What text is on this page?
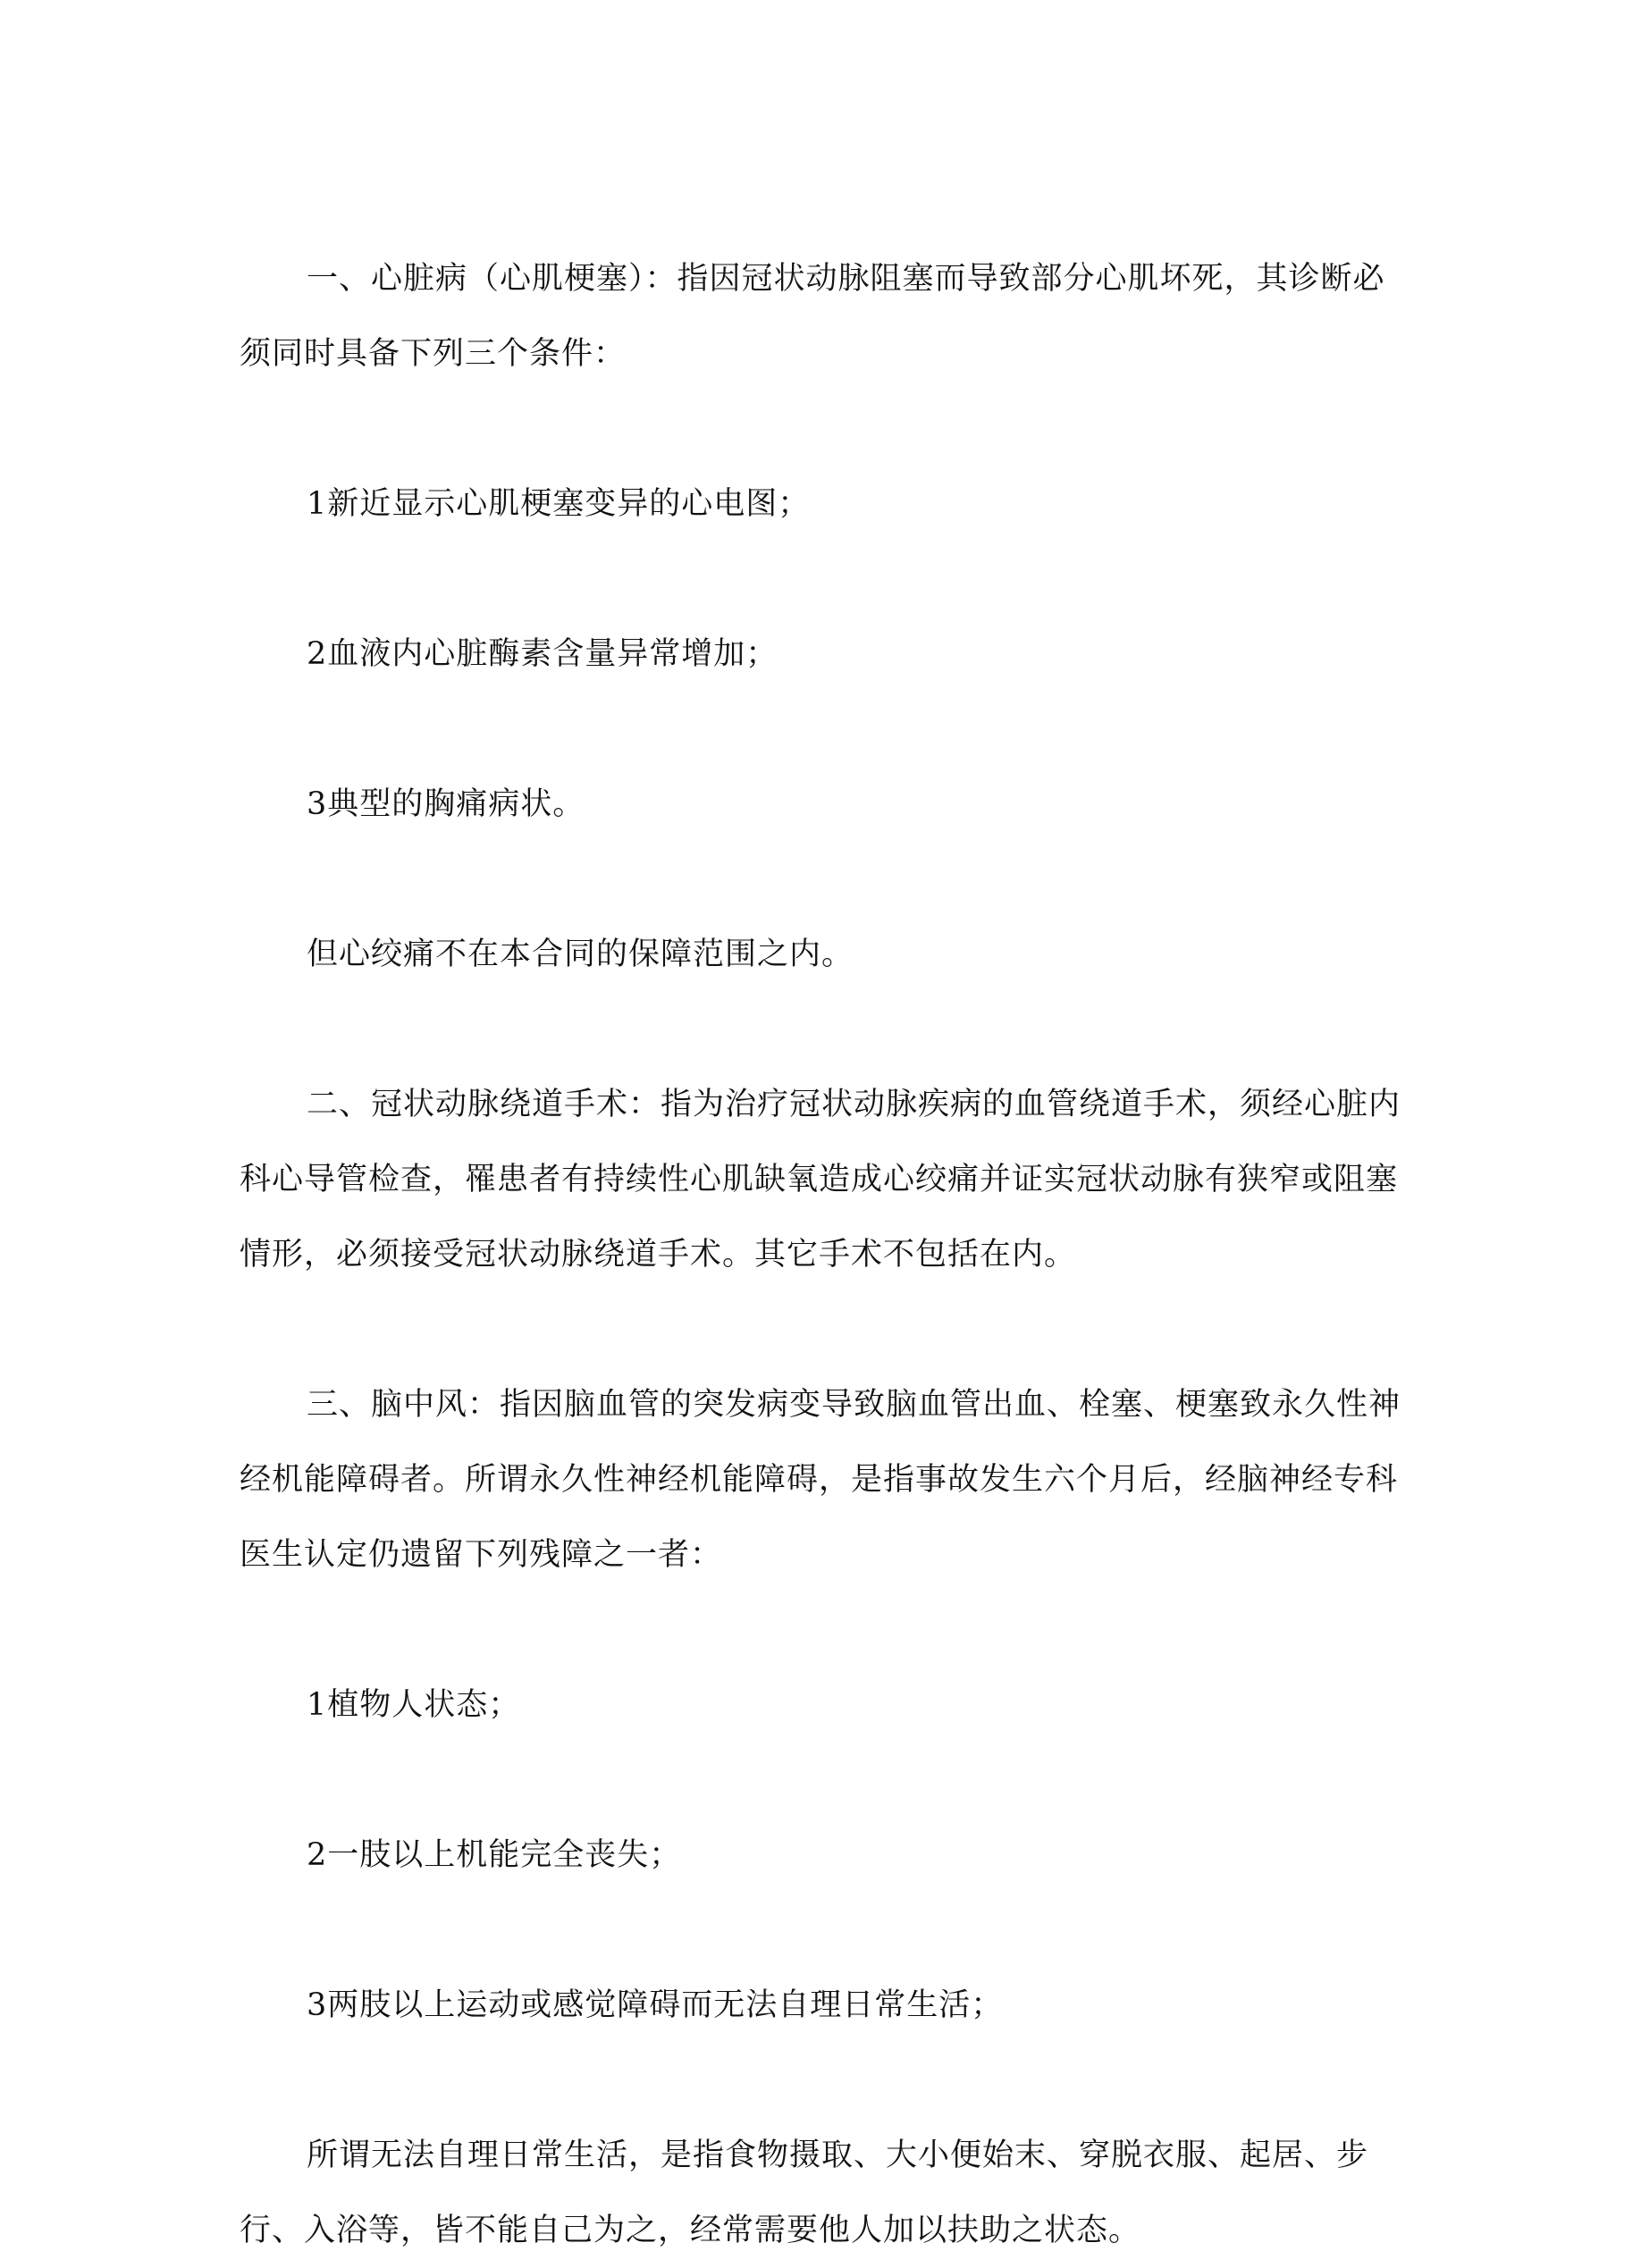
一、心脏病（心肌梗塞）：指因冠状动脉阻塞而导致部分心肌坏死，其诊断必须同时具备下列三个条件：

1新近显示心肌梗塞变异的心电图；

2血液内心脏酶素含量异常增加；

3典型的胸痛病状。

但心绞痛不在本合同的保障范围之内。

二、冠状动脉绕道手术：指为治疗冠状动脉疾病的血管绕道手术，须经心脏内科心导管检查，罹患者有持续性心肌缺氧造成心绞痛并证实冠状动脉有狭窄或阻塞情形，必须接受冠状动脉绕道手术。其它手术不包括在内。

三、脑中风：指因脑血管的突发病变导致脑血管出血、栓塞、梗塞致永久性神经机能障碍者。所谓永久性神经机能障碍，是指事故发生六个月后，经脑神经专科医生认定仍遗留下列残障之一者：

1植物人状态；

2一肢以上机能完全丧失；

3两肢以上运动或感觉障碍而无法自理日常生活；

所谓无法自理日常生活，是指食物摄取、大小便始末、穿脱衣服、起居、步行、入浴等，皆不能自己为之，经常需要他人加以扶助之状态。
